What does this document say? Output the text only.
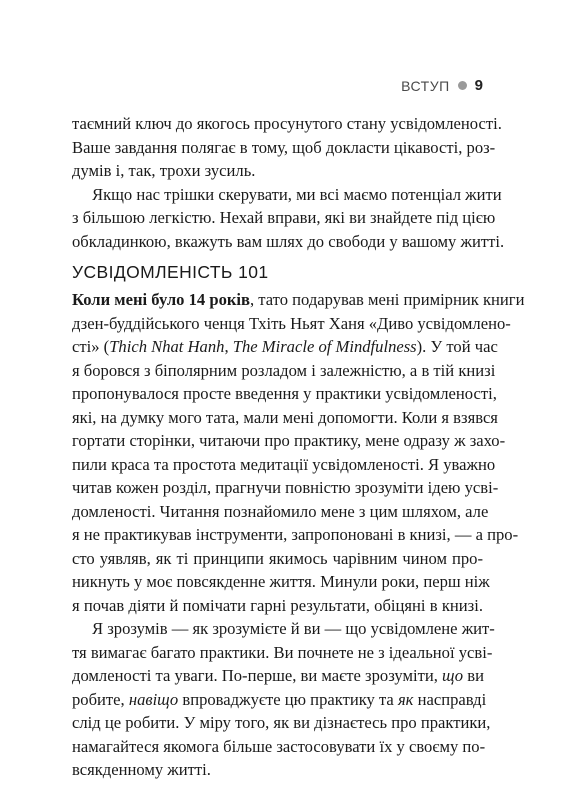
ВСТУП 9

таємний ключ до якогось просунутого стану усвідомленості.
Ваше завдання полягає в тому, щоб докласти цікавості, роз-
думів і, так, трохи зусиль.

Якщо нас трішки скерувати, ми всі маємо потенціал жити
з більшою легкістю. Нехай вправи, які ви знайдете під цією
обкладинкою, вкажуть вам шлях до свободи у вашому житті.

УСВІДОМЛЕНІСТЬ 101

Коли мені було 14 років, тато подарував мені примірник книги
дзен-буддійського ченця Тхіть Ньят Ханя «Диво усвідомлено-
сті» (Thich Nhat Hanh, The Miracle of Mindfulness). У той час
я боровся з біполярним розладом і залежністю, а в тій книзі
пропонувалося просте введення у практики усвідомленості,
які, на думку мого тата, мали мені допомогти. Коли я взявся
гортати сторінки, читаючи про практику, мене одразу ж захо-
пили краса та простота медитації усвідомленості. Я уважно
читав кожен розділ, прагнучи повністю зрозуміти ідею усві-
домленості. Читання познайомило мене з цим шляхом, але
я не практикував інструменти, запропоновані в книзі, — а про-
сто уявляв, як ті принципи якимось чарівним чином про-
никнуть у моє повсякденне життя. Минули роки, перш ніж
я почав діяти й помічати гарні результати, обіцяні в книзі.

Я зрозумів — як зрозумієте й ви — що усвідомлене жит-
тя вимагає багато практики. Ви почнете не з ідеальної усві-
домленості та уваги. По-перше, ви маєте зрозуміти, що ви
робите, навіщо впроваджуєте цю практику та як насправді
слід це робити. У міру того, як ви дізнаєтесь про практики,
намагайтеся якомога більше застосовувати їх у своєму по-
всякденному житті.
